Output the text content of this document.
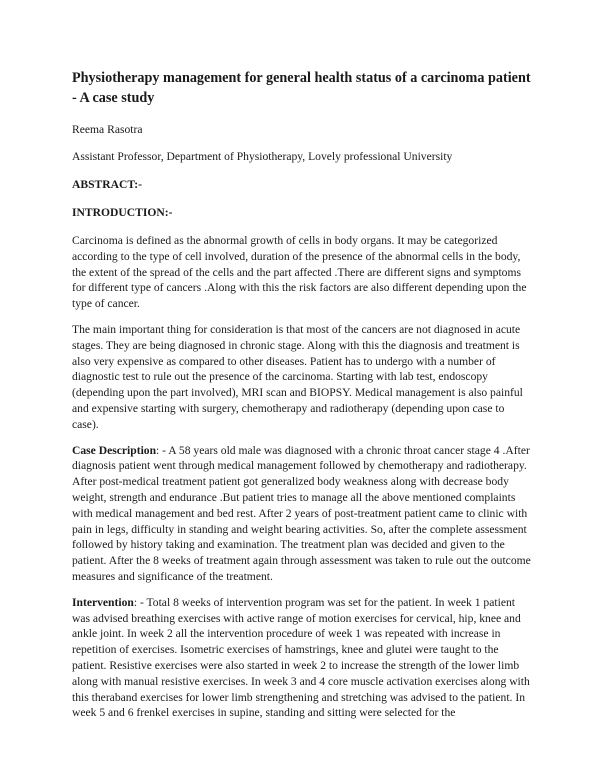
Physiotherapy management for general health status of a carcinoma patient - A case study

Reema Rasotra

Assistant Professor, Department of Physiotherapy, Lovely professional University

ABSTRACT:-

INTRODUCTION:-

Carcinoma is defined as the abnormal growth of cells in body organs. It may be categorized according to the type of cell involved, duration of the presence of the abnormal cells in the body, the extent of the spread of the cells and the part affected .There are different signs and symptoms for different type of cancers .Along with this the risk factors are also different depending upon the type of cancer.

The main important thing for consideration is that most of the cancers are not diagnosed in acute stages. They are being diagnosed in chronic stage. Along with this the diagnosis and treatment is also very expensive as compared to other diseases. Patient has to undergo with a number of diagnostic test to rule out the presence of the carcinoma. Starting with lab test, endoscopy (depending upon the part involved), MRI scan and BIOPSY. Medical management is also painful and expensive starting with surgery, chemotherapy and radiotherapy (depending upon case to case).

Case Description: - A 58 years old male was diagnosed with a chronic throat cancer stage 4 .After diagnosis patient went through medical management followed by chemotherapy and radiotherapy. After post-medical treatment patient got generalized body weakness along with decrease body weight, strength and endurance .But patient tries to manage all the above mentioned complaints with medical management and bed rest. After 2 years of post-treatment patient came to clinic with pain in legs, difficulty in standing and weight bearing activities. So, after the complete assessment followed by history taking and examination. The treatment plan was decided and given to the patient. After the 8 weeks of treatment again through assessment was taken to rule out the outcome measures and significance of the treatment.

Intervention: - Total 8 weeks of intervention program was set for the patient. In week 1 patient was advised breathing exercises with active range of motion exercises for cervical, hip, knee and ankle joint. In week 2 all the intervention procedure of week 1 was repeated with increase in repetition of exercises. Isometric exercises of hamstrings, knee and glutei were taught to the patient. Resistive exercises were also started in week 2 to increase the strength of the lower limb along with manual resistive exercises. In week 3 and 4 core muscle activation exercises along with this theraband exercises for lower limb strengthening and stretching was advised to the patient. In week 5 and 6 frenkel exercises in supine, standing and sitting were selected for the
